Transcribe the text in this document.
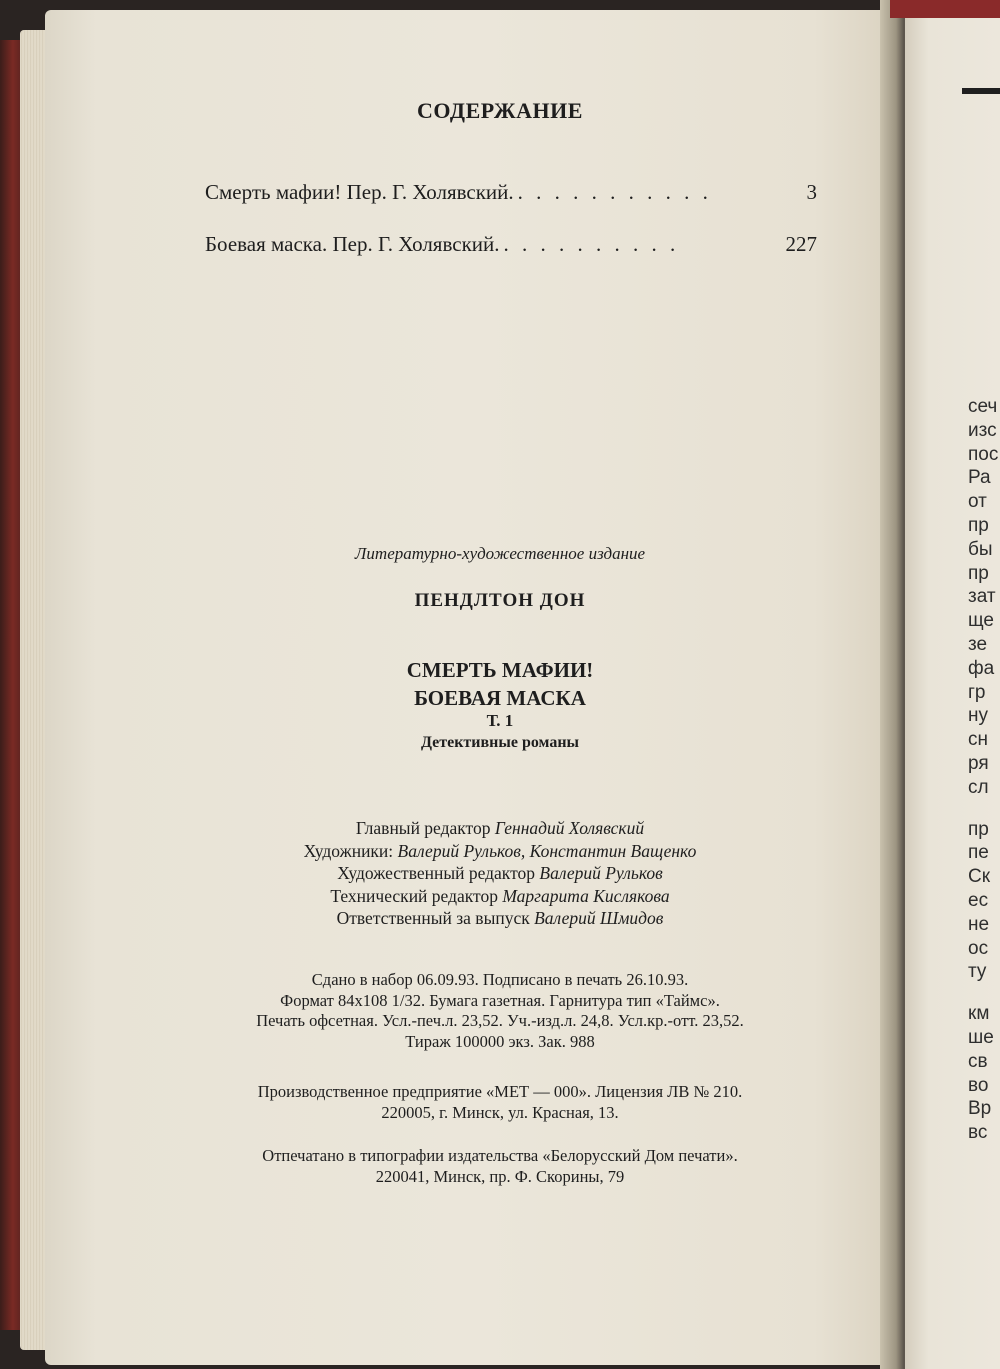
сеч
изс
пос
Ра
от
пр
бы
пр
зат
ще
зе
фа
гр
ну
сн
ря
сл
пр
пе
Ск
ес
не
ос
ту
км
ше
св
во
Вр
вс
СОДЕРЖАНИЕ
Смерть мафии! Пер. Г. Холявский. . . . . . . . . . . .	3
Боевая маска. Пер. Г. Холявский. . . . . . . . . . .	227
Литературно-художественное издание
ПЕНДЛТОН ДОН
СМЕРТЬ МАФИИ!
БОЕВАЯ МАСКА
Т. 1
Детективные романы
Главный редактор Геннадий Холявский
Художники: Валерий Рульков, Константин Ващенко
Художественный редактор Валерий Рульков
Технический редактор Маргарита Кислякова
Ответственный за выпуск Валерий Шмидов
Сдано в набор 06.09.93. Подписано в печать 26.10.93.
Формат 84х108 1/32. Бумага газетная. Гарнитура тип «Таймс».
Печать офсетная. Усл.-печ.л. 23,52. Уч.-изд.л. 24,8. Усл.кр.-отт. 23,52.
Тираж 100000 экз. Зак. 988
Производственное предприятие «МЕТ — 000». Лицензия ЛВ № 210.
220005, г. Минск, ул. Красная, 13.
Отпечатано в типографии издательства «Белорусский Дом печати».
220041, Минск, пр. Ф. Скорины, 79
